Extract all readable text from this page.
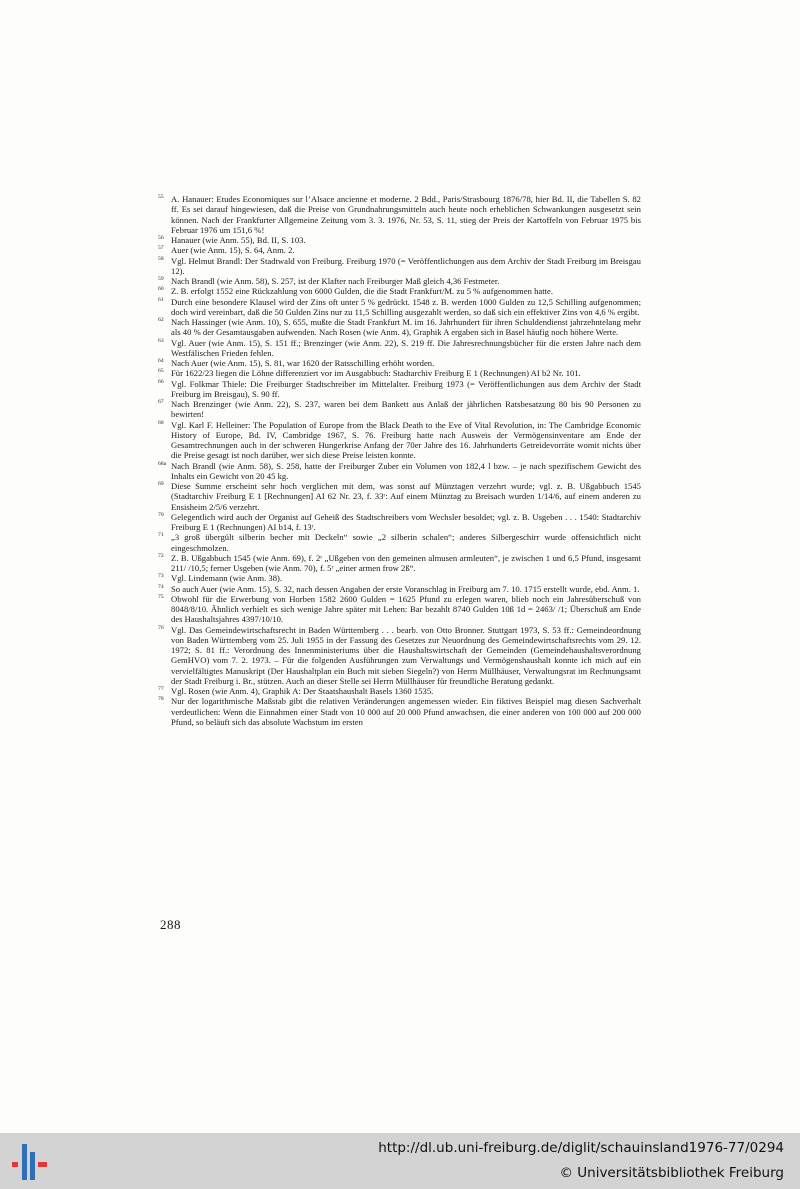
55 A. Hanauer: Etudes Economiques sur l’Alsace ancienne et moderne. 2 Bdd., Paris/Strasbourg 1876/78, hier Bd. II, die Tabellen S. 82 ff. Es sei darauf hingewiesen, daß die Preise von Grundnahrungsmitteln auch heute noch erheblichen Schwankungen ausgesetzt sein können. Nach der Frankfurter Allgemeine Zeitung vom 3. 3. 1976, Nr. 53, S. 11, stieg der Preis der Kartoffeln von Februar 1975 bis Februar 1976 um 151,6 %!

56 Hanauer (wie Anm. 55), Bd. II, S. 103.

57 Auer (wie Anm. 15), S. 64, Anm. 2.

58 Vgl. Helmut Brandl: Der Stadtwald von Freiburg. Freiburg 1970 (= Veröffentlichungen aus dem Archiv der Stadt Freiburg im Breisgau 12).

59 Nach Brandl (wie Anm. 58), S. 257, ist der Klafter nach Freiburger Maß gleich 4,36 Festmeter.

60 Z. B. erfolgt 1552 eine Rückzahlung von 6000 Gulden, die die Stadt Frankfurt/M. zu 5 % aufgenommen hatte.

61 Durch eine besondere Klausel wird der Zins oft unter 5 % gedrückt. 1548 z. B. werden 1000 Gulden zu 12,5 Schilling aufgenommen; doch wird vereinbart, daß die 50 Gulden Zins nur zu 11,5 Schilling ausgezahlt werden, so daß sich ein effektiver Zins von 4,6 % ergibt.

62 Nach Hassinger (wie Anm. 10), S. 655, mußte die Stadt Frankfurt M. im 16. Jahrhundert für ihren Schuldendienst jahrzehntelang mehr als 40 % der Gesamtausgaben aufwenden. Nach Rosen (wie Anm. 4), Graphik A ergaben sich in Basel häufig noch höhere Werte.

63 Vgl. Auer (wie Anm. 15), S. 151 ff.; Brenzinger (wie Anm. 22), S. 219 ff. Die Jahresrechnungsbücher für die ersten Jahre nach dem Westfälischen Frieden fehlen.

64 Nach Auer (wie Anm. 15), S. 81, war 1620 der Ratsschilling erhöht worden.

65 Für 1622/23 liegen die Löhne differenziert vor im Ausgabbuch: Stadtarchiv Freiburg E 1 (Rechnungen) AI b2 Nr. 101.

66 Vgl. Folkmar Thiele: Die Freiburger Stadtschreiber im Mittelalter. Freiburg 1973 (= Veröffentlichungen aus dem Archiv der Stadt Freiburg im Breisgau), S. 90 ff.

67 Nach Brenzinger (wie Anm. 22), S. 237, waren bei dem Bankett aus Anlaß der jährlichen Ratsbesatzung 80 bis 90 Personen zu bewirten!

68 Vgl. Karl F. Helleiner: The Population of Europe from the Black Death to the Eve of Vital Revolution, in: The Cambridge Economic History of Europe, Bd. IV, Cambridge 1967, S. 76. Freiburg hatte nach Ausweis der Vermögensinventare am Ende der Gesamtrechnungen auch in der schweren Hungerkrise Anfang der 70er Jahre des 16. Jahrhunderts Getreidevorräte womit nichts über die Preise gesagt ist noch darüber, wer sich diese Preise leisten konnte.

68a Nach Brandl (wie Anm. 58), S. 258, hatte der Freiburger Zuber ein Volumen von 182,4 l bzw. – je nach spezifischem Gewicht des Inhalts ein Gewicht von 20 45 kg.

69 Diese Summe erscheint sehr hoch verglichen mit dem, was sonst auf Münztagen verzehrt wurde; vgl. z. B. Ußgabbuch 1545 (Stadtarchiv Freiburg E 1 [Rechnungen] AI 62 Nr. 23, f. 33ʳ: Auf einem Münztag zu Breisach wurden 1/14/6, auf einem anderen zu Ensisheim 2/5/6 verzehrt.

70 Gelegentlich wird auch der Organist auf Geheiß des Stadtschreibers vom Wechsler besoldet; vgl. z. B. Usgeben . . . 1540: Stadtarchiv Freiburg E 1 (Rechnungen) AI b14, f. 13ʳ.

71 „3 groß übergült silberin becher mit Deckeln“ sowie „2 silberin schalen“; anderes Silbergeschirr wurde offensichtlich nicht eingeschmolzen.

72 Z. B. Ußgabbuch 1545 (wie Anm. 69), f. 2ʳ „Ußgeben von den gemeinen almusen armleuten“, je zwischen 1 und 6,5 Pfund, insgesamt 211/ /10,5; ferner Usgeben (wie Anm. 70), f. 5ʳ „einer armen frow 2ß“.

73 Vgl. Lindemann (wie Anm. 38).

74 So auch Auer (wie Anm. 15), S. 32, nach dessen Angaben der erste Voranschlag in Freiburg am 7. 10. 1715 erstellt wurde, ebd. Anm. 1.

75 Obwohl für die Erwerbung von Horben 1582 2600 Gulden = 1625 Pfund zu erlegen waren, blieb noch ein Jahresüberschuß von 8048/8/10. Ähnlich verhielt es sich wenige Jahre später mit Lehen: Bar bezahlt 8740 Gulden 10ß 1d = 2463/ /1; Überschuß am Ende des Haushaltsjahres 4397/10/10.

76 Vgl. Das Gemeindewirtschaftsrecht in Baden Württemberg . . . bearb. von Otto Bronner. Stuttgart 1973, S. 53 ff.: Gemeindeordnung von Baden Württemberg vom 25. Juli 1955 in der Fassung des Gesetzes zur Neuordnung des Gemeindewirtschaftsrechts vom 29. 12. 1972; S. 81 ff.: Verordnung des Innenministeriums über die Haushaltswirtschaft der Gemeinden (Gemeindehaushaltsverordnung GemHVO) vom 7. 2. 1973. – Für die folgenden Ausführungen zum Verwaltungs und Vermögenshaushalt konnte ich mich auf ein vervielfältigtes Manuskript (Der Haushaltplan ein Buch mit sieben Siegeln?) von Herrn Müllhäuser, Verwaltungsrat im Rechnungsamt der Stadt Freiburg i. Br., stützen. Auch an dieser Stelle sei Herrn Müllhäuser für freundliche Beratung gedankt.

77 Vgl. Rosen (wie Anm. 4), Graphik A: Der Staatshaushalt Basels 1360 1535.

78 Nur der logarithmische Maßstab gibt die relativen Veränderungen angemessen wieder. Ein fiktives Beispiel mag diesen Sachverhalt verdeutlichen: Wenn die Einnahmen einer Stadt von 10 000 auf 20 000 Pfund anwachsen, die einer anderen von 100 000 auf 200 000 Pfund, so beläuft sich das absolute Wachstum im ersten

288
http://dl.ub.uni-freiburg.de/diglit/schauinsland1976-77/0294
© Universitätsbibliothek Freiburg
